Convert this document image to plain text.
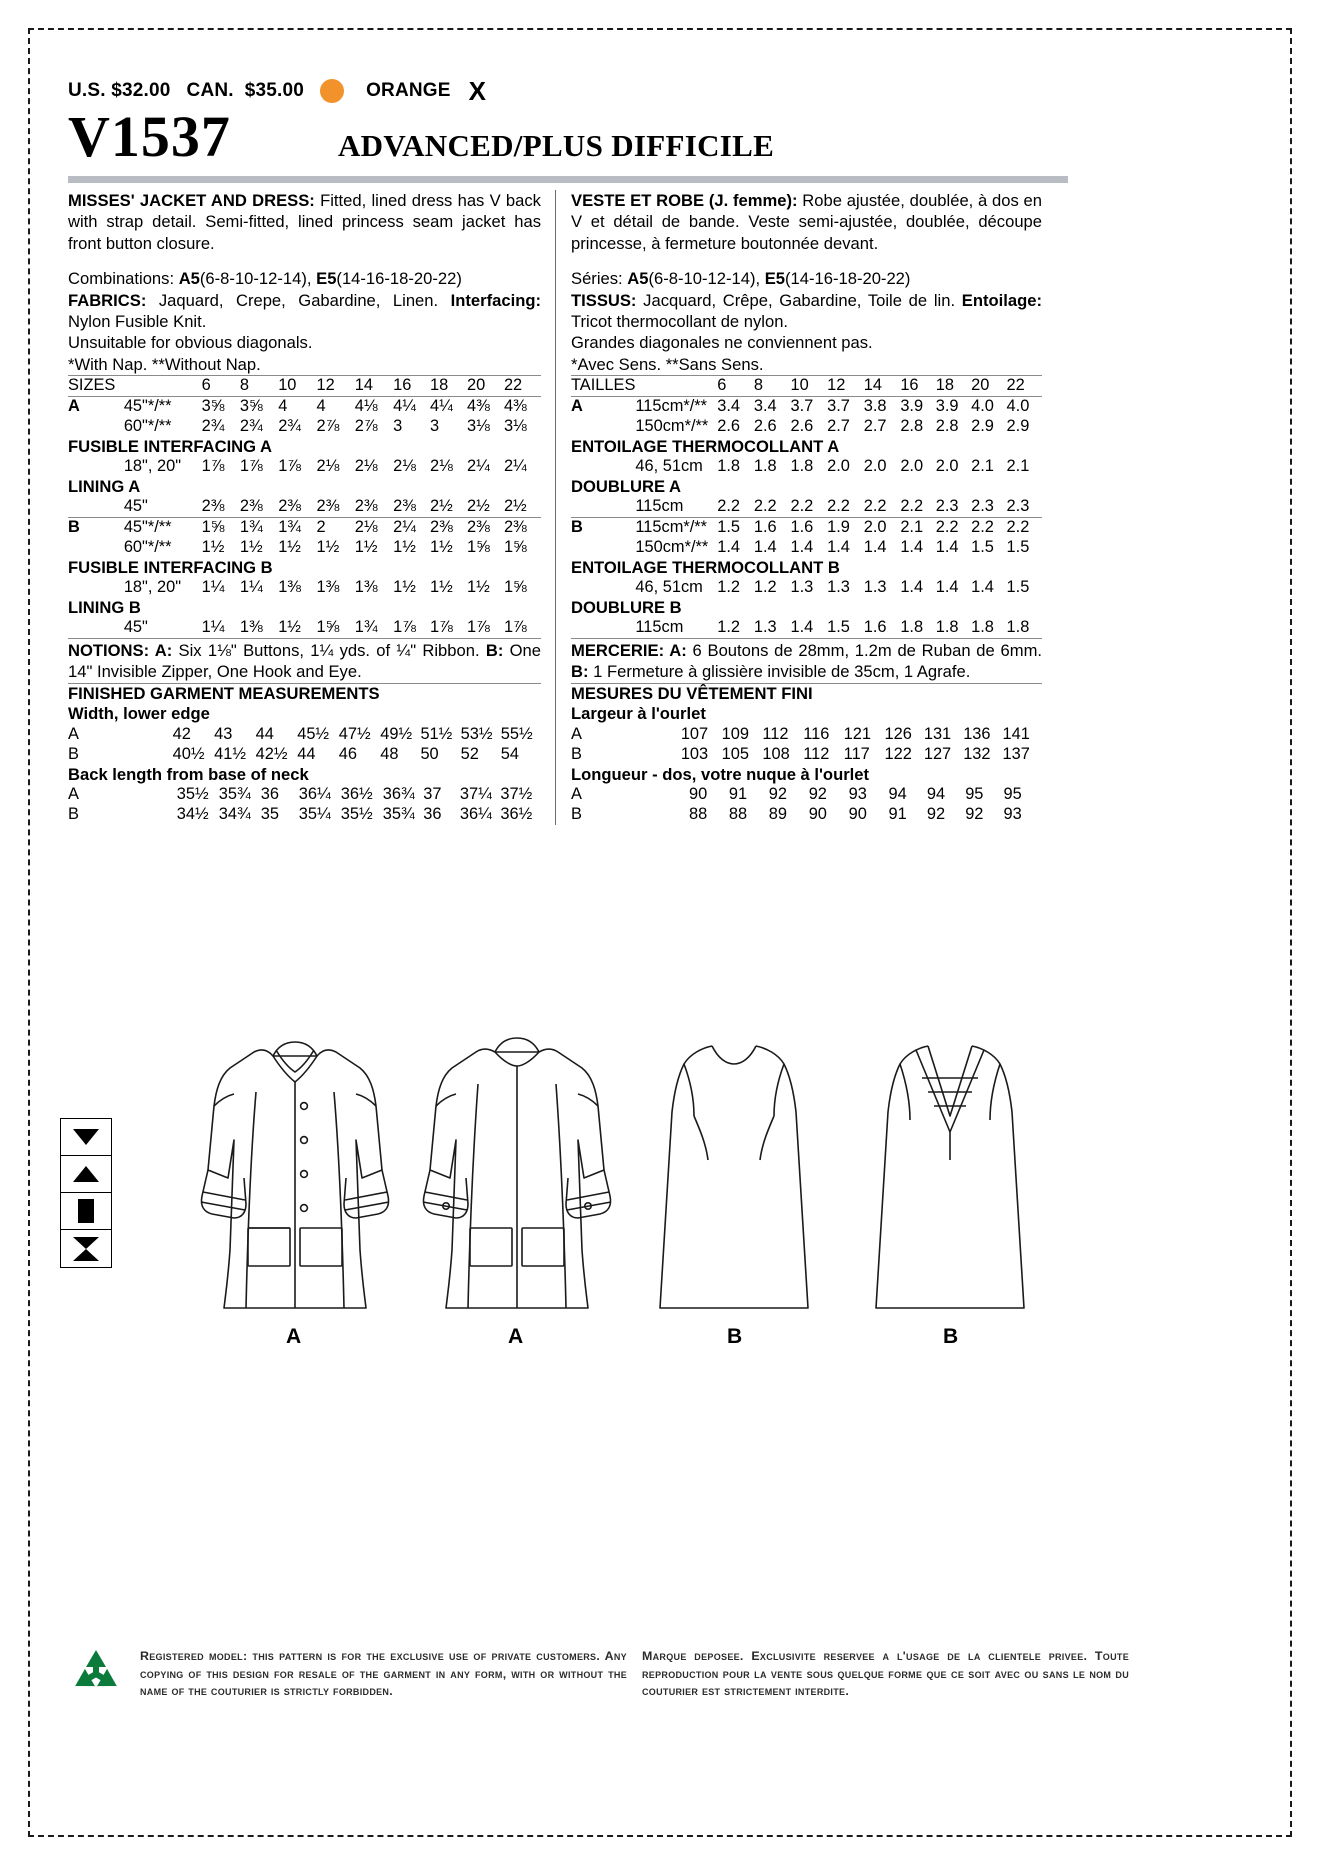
U.S. $32.00 CAN.  $35.00	ORANGE X
V1537	ADVANCED/PLUS DIFFICILE

MISSES' JACKET AND DRESS: Fitted, lined dress has V back with strap detail. Semi-fitted, lined princess seam jacket has front button closure.

Combinations: A5(6-8-10-12-14), E5(14-16-18-20-22)
FABRICS: Jaquard, Crepe, Gabardine, Linen. Interfacing: Nylon Fusible Knit.
Unsuitable for obvious diagonals.
*With Nap. **Without Nap.
SIZES		6	8	10	12	14	16	18	20	22
A	45"*/**	3⅝	3⅝	4	4	4⅛	4¼	4¼	4⅜	4⅜
	60"*/**	2¾	2¾	2¾	2⅞	2⅞	3	3	3⅛	3⅛
FUSIBLE INTERFACING A										
	18", 20"	1⅞	1⅞	1⅞	2⅛	2⅛	2⅛	2⅛	2¼	2¼
LINING A										
	45"	2⅜	2⅜	2⅜	2⅜	2⅜	2⅜	2½	2½	2½
B	45"*/**	1⅝	1¾	1¾	2	2⅛	2¼	2⅜	2⅜	2⅜
	60"*/**	1½	1½	1½	1½	1½	1½	1½	1⅝	1⅝
FUSIBLE INTERFACING B										
	18", 20"	1¼	1¼	1⅜	1⅜	1⅜	1½	1½	1½	1⅝
LINING B										
	45"	1¼	1⅜	1½	1⅝	1¾	1⅞	1⅞	1⅞	1⅞
NOTIONS: A: Six 1⅛" Buttons, 1¼ yds. of ¼" Ribbon. B: One 14" Invisible Zipper, One Hook and Eye.
FINISHED GARMENT MEASUREMENTS
Width, lower edge
A		42	43	44	45½	47½	49½	51½	53½	55½
B		40½	41½	42½	44	46	48	50	52	54
Back length from base of neck
A		35½	35¾	36	36¼	36½	36¾	37	37¼	37½
B		34½	34¾	35	35¼	35½	35¾	36	36¼	36½

VESTE ET ROBE (J. femme): Robe ajustée, doublée, à dos en V et détail de bande. Veste semi-ajustée, doublée, découpe princesse, à fermeture boutonnée devant.

Séries: A5(6-8-10-12-14), E5(14-16-18-20-22)
TISSUS: Jacquard, Crêpe, Gabardine, Toile de lin. Entoilage: Tricot thermocollant de nylon.
Grandes diagonales ne conviennent pas.
*Avec Sens. **Sans Sens.
TAILLES		6	8	10	12	14	16	18	20	22
A	115cm*/**	3.4	3.4	3.7	3.7	3.8	3.9	3.9	4.0	4.0
	150cm*/**	2.6	2.6	2.6	2.7	2.7	2.8	2.8	2.9	2.9
ENTOILAGE THERMOCOLLANT A										
	46, 51cm	1.8	1.8	1.8	2.0	2.0	2.0	2.0	2.1	2.1
DOUBLURE A										
	115cm	2.2	2.2	2.2	2.2	2.2	2.2	2.3	2.3	2.3
B	115cm*/**	1.5	1.6	1.6	1.9	2.0	2.1	2.2	2.2	2.2
	150cm*/**	1.4	1.4	1.4	1.4	1.4	1.4	1.4	1.5	1.5
ENTOILAGE THERMOCOLLANT B										
	46, 51cm	1.2	1.2	1.3	1.3	1.3	1.4	1.4	1.4	1.5
DOUBLURE B										
	115cm	1.2	1.3	1.4	1.5	1.6	1.8	1.8	1.8	1.8
MERCERIE: A: 6 Boutons de 28mm, 1.2m de Ruban de 6mm. B: 1 Fermeture à glissière invisible de 35cm, 1 Agrafe.
MESURES DU VÊTEMENT FINI
Largeur à l'ourlet
A		107	109	112	116	121	126	131	136	141
B		103	105	108	112	117	122	127	132	137
Longueur - dos, votre nuque à l'ourlet
A		90	91	92	92	93	94	94	95	95
B		88	88	89	90	90	91	92	92	93
A	A	B	B
Registered model: this pattern is for the exclusive use of private customers. Any copying of this design for resale of the garment in any form, with or without the name of the couturier is strictly forbidden.
Marque deposee. Exclusivite reservee a l'usage de la clientele privee. Toute reproduction pour la vente sous quelque forme que ce soit avec ou sans le nom du couturier est strictement interdite.
